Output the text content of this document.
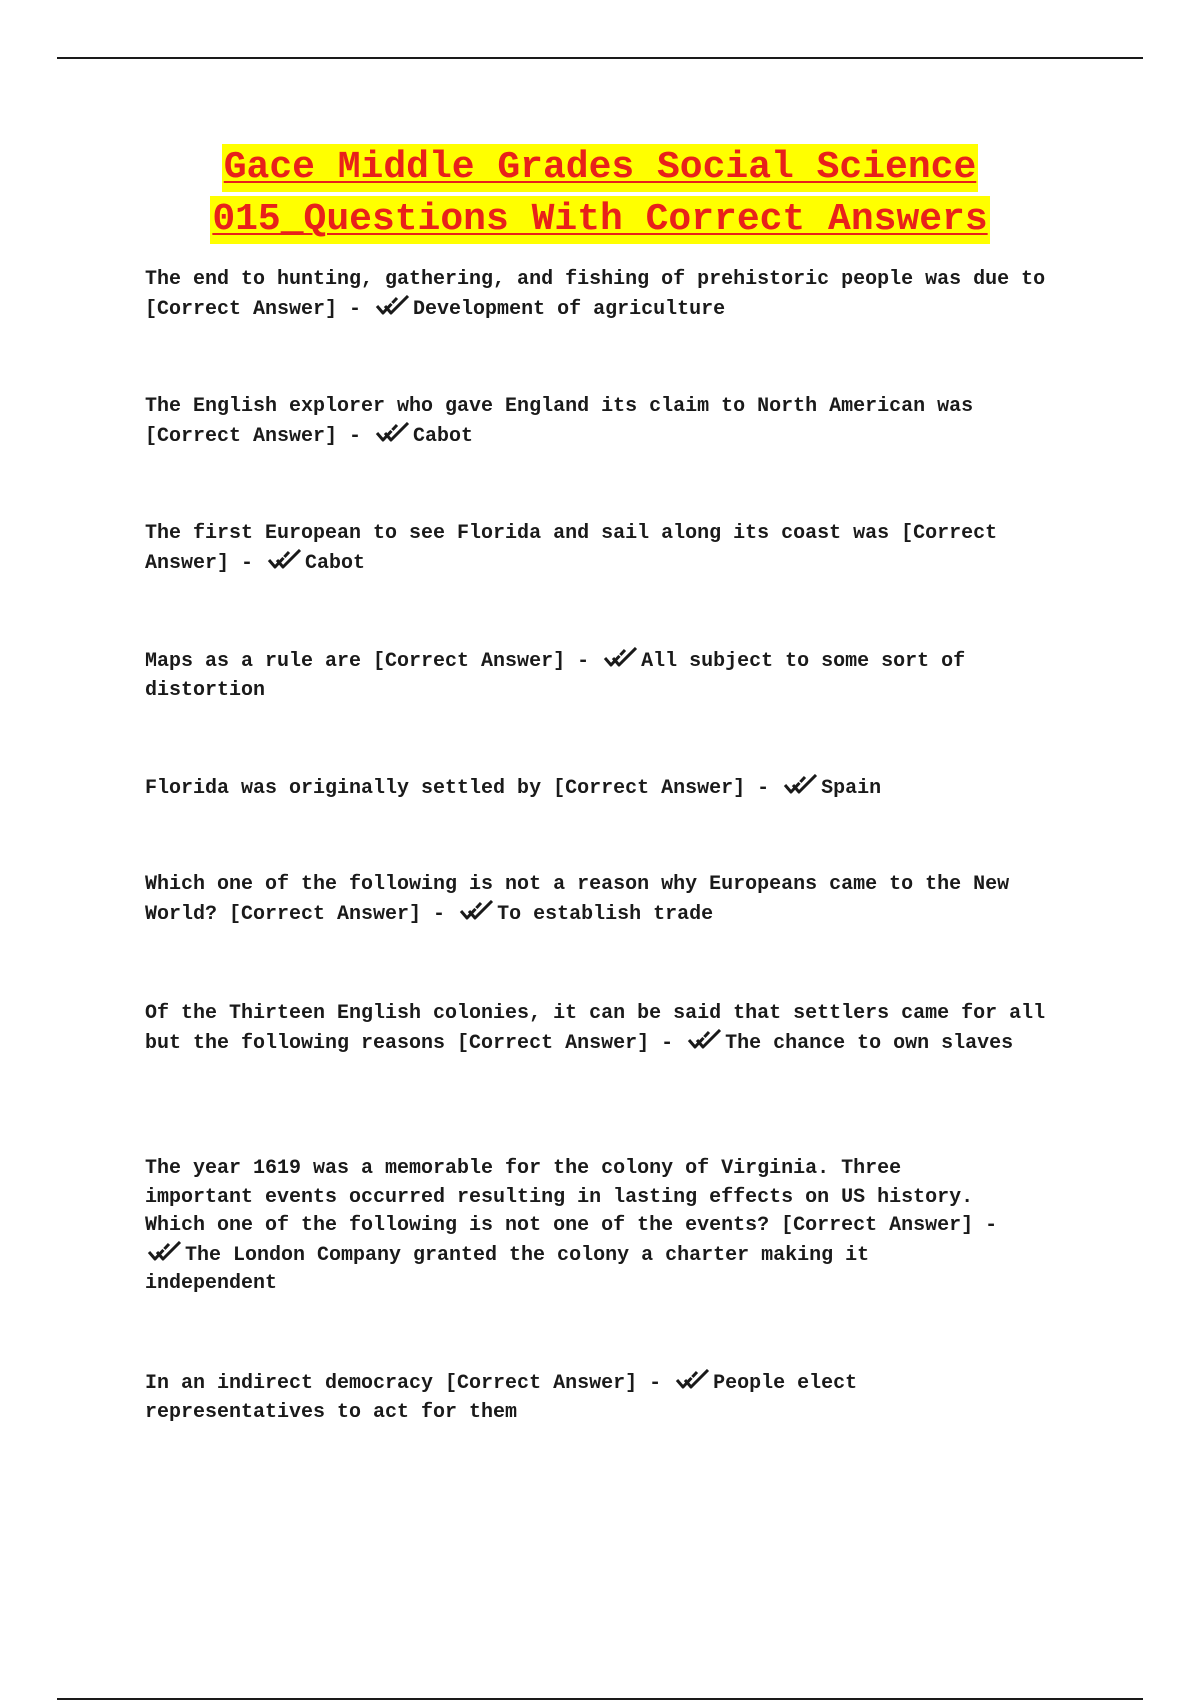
Gace Middle Grades Social Science
015_Questions With Correct Answers

The end to hunting, gathering, and fishing of prehistoric people was due to [Correct Answer] - Development of agriculture

The English explorer who gave England its claim to North American was [Correct Answer] - Cabot

The first European to see Florida and sail along its coast was [Correct Answer] - Cabot

Maps as a rule are [Correct Answer] - All subject to some sort of distortion

Florida was originally settled by [Correct Answer] - Spain

Which one of the following is not a reason why Europeans came to the New World? [Correct Answer] - To establish trade

Of the Thirteen English colonies, it can be said that settlers came for all but the following reasons [Correct Answer] - The chance to own slaves

The year 1619 was a memorable for the colony of Virginia. Three important events occurred resulting in lasting effects on US history. Which one of the following is not one of the events? [Correct Answer] - The London Company granted the colony a charter making it independent

In an indirect democracy [Correct Answer] - People elect representatives to act for them
